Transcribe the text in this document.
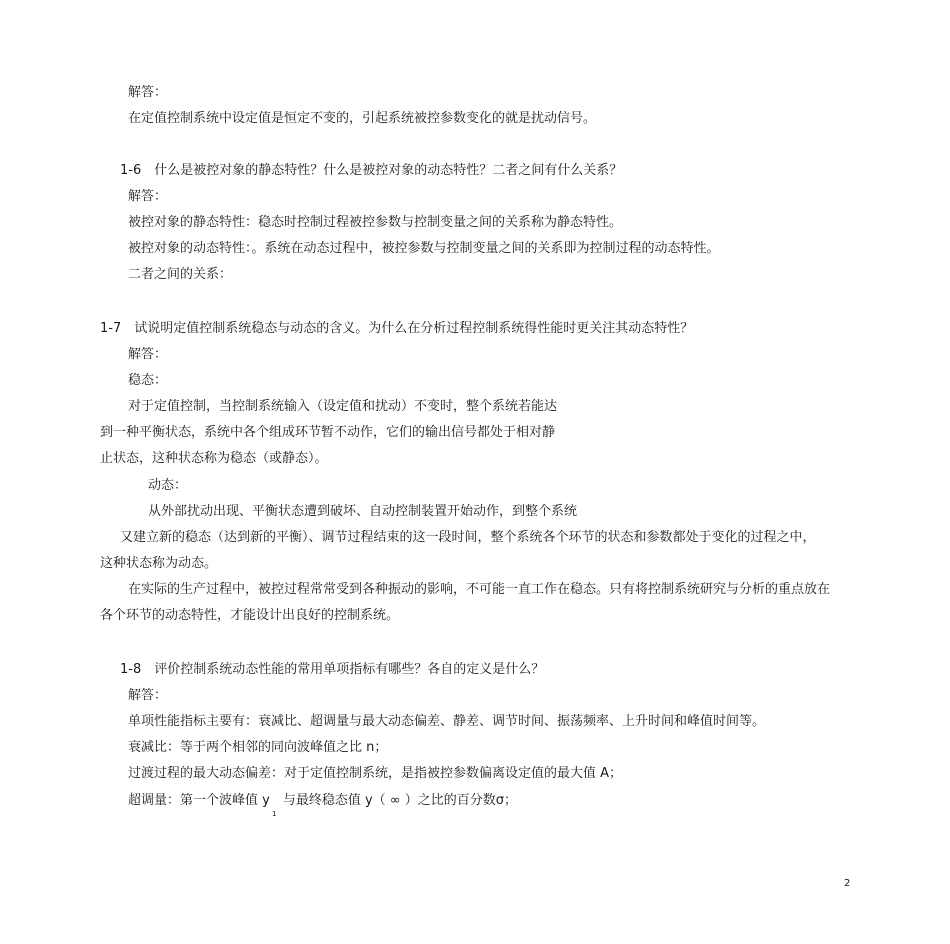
解答：
在定值控制系统中设定值是恒定不变的，引起系统被控参数变化的就是扰动信号。
1-6　什么是被控对象的静态特性？什么是被控对象的动态特性？二者之间有什么关系？
解答：
被控对象的静态特性：稳态时控制过程被控参数与控制变量之间的关系称为静态特性。
被控对象的动态特性：。系统在动态过程中，被控参数与控制变量之间的关系即为控制过程的动态特性。
二者之间的关系：
1-7　试说明定值控制系统稳态与动态的含义。为什么在分析过程控制系统得性能时更关注其动态特性？
解答：
稳态：
对于定值控制，当控制系统输入（设定值和扰动）不变时，整个系统若能达
到一种平衡状态，系统中各个组成环节暂不动作，它们的输出信号都处于相对静
止状态，这种状态称为稳态（或静态）。
动态：
从外部扰动出现、平衡状态遭到破坏、自动控制装置开始动作，到整个系统
又建立新的稳态（达到新的平衡）、调节过程结束的这一段时间，整个系统各个环节的状态和参数都处于变化的过程之中，
这种状态称为动态。
在实际的生产过程中，被控过程常常受到各种振动的影响，不可能一直工作在稳态。只有将控制系统研究与分析的重点放在
各个环节的动态特性，才能设计出良好的控制系统。
1-8　评价控制系统动态性能的常用单项指标有哪些？各自的定义是什么？
解答：
单项性能指标主要有：衰减比、超调量与最大动态偏差、静差、调节时间、振荡频率、上升时间和峰值时间等。
衰减比：等于两个相邻的同向波峰值之比 n；
过渡过程的最大动态偏差：对于定值控制系统，是指被控参数偏离设定值的最大值 A；
超调量：第一个波峰值 y　与最终稳态值 y（ ∞ ）之比的百分数σ；
1
2
